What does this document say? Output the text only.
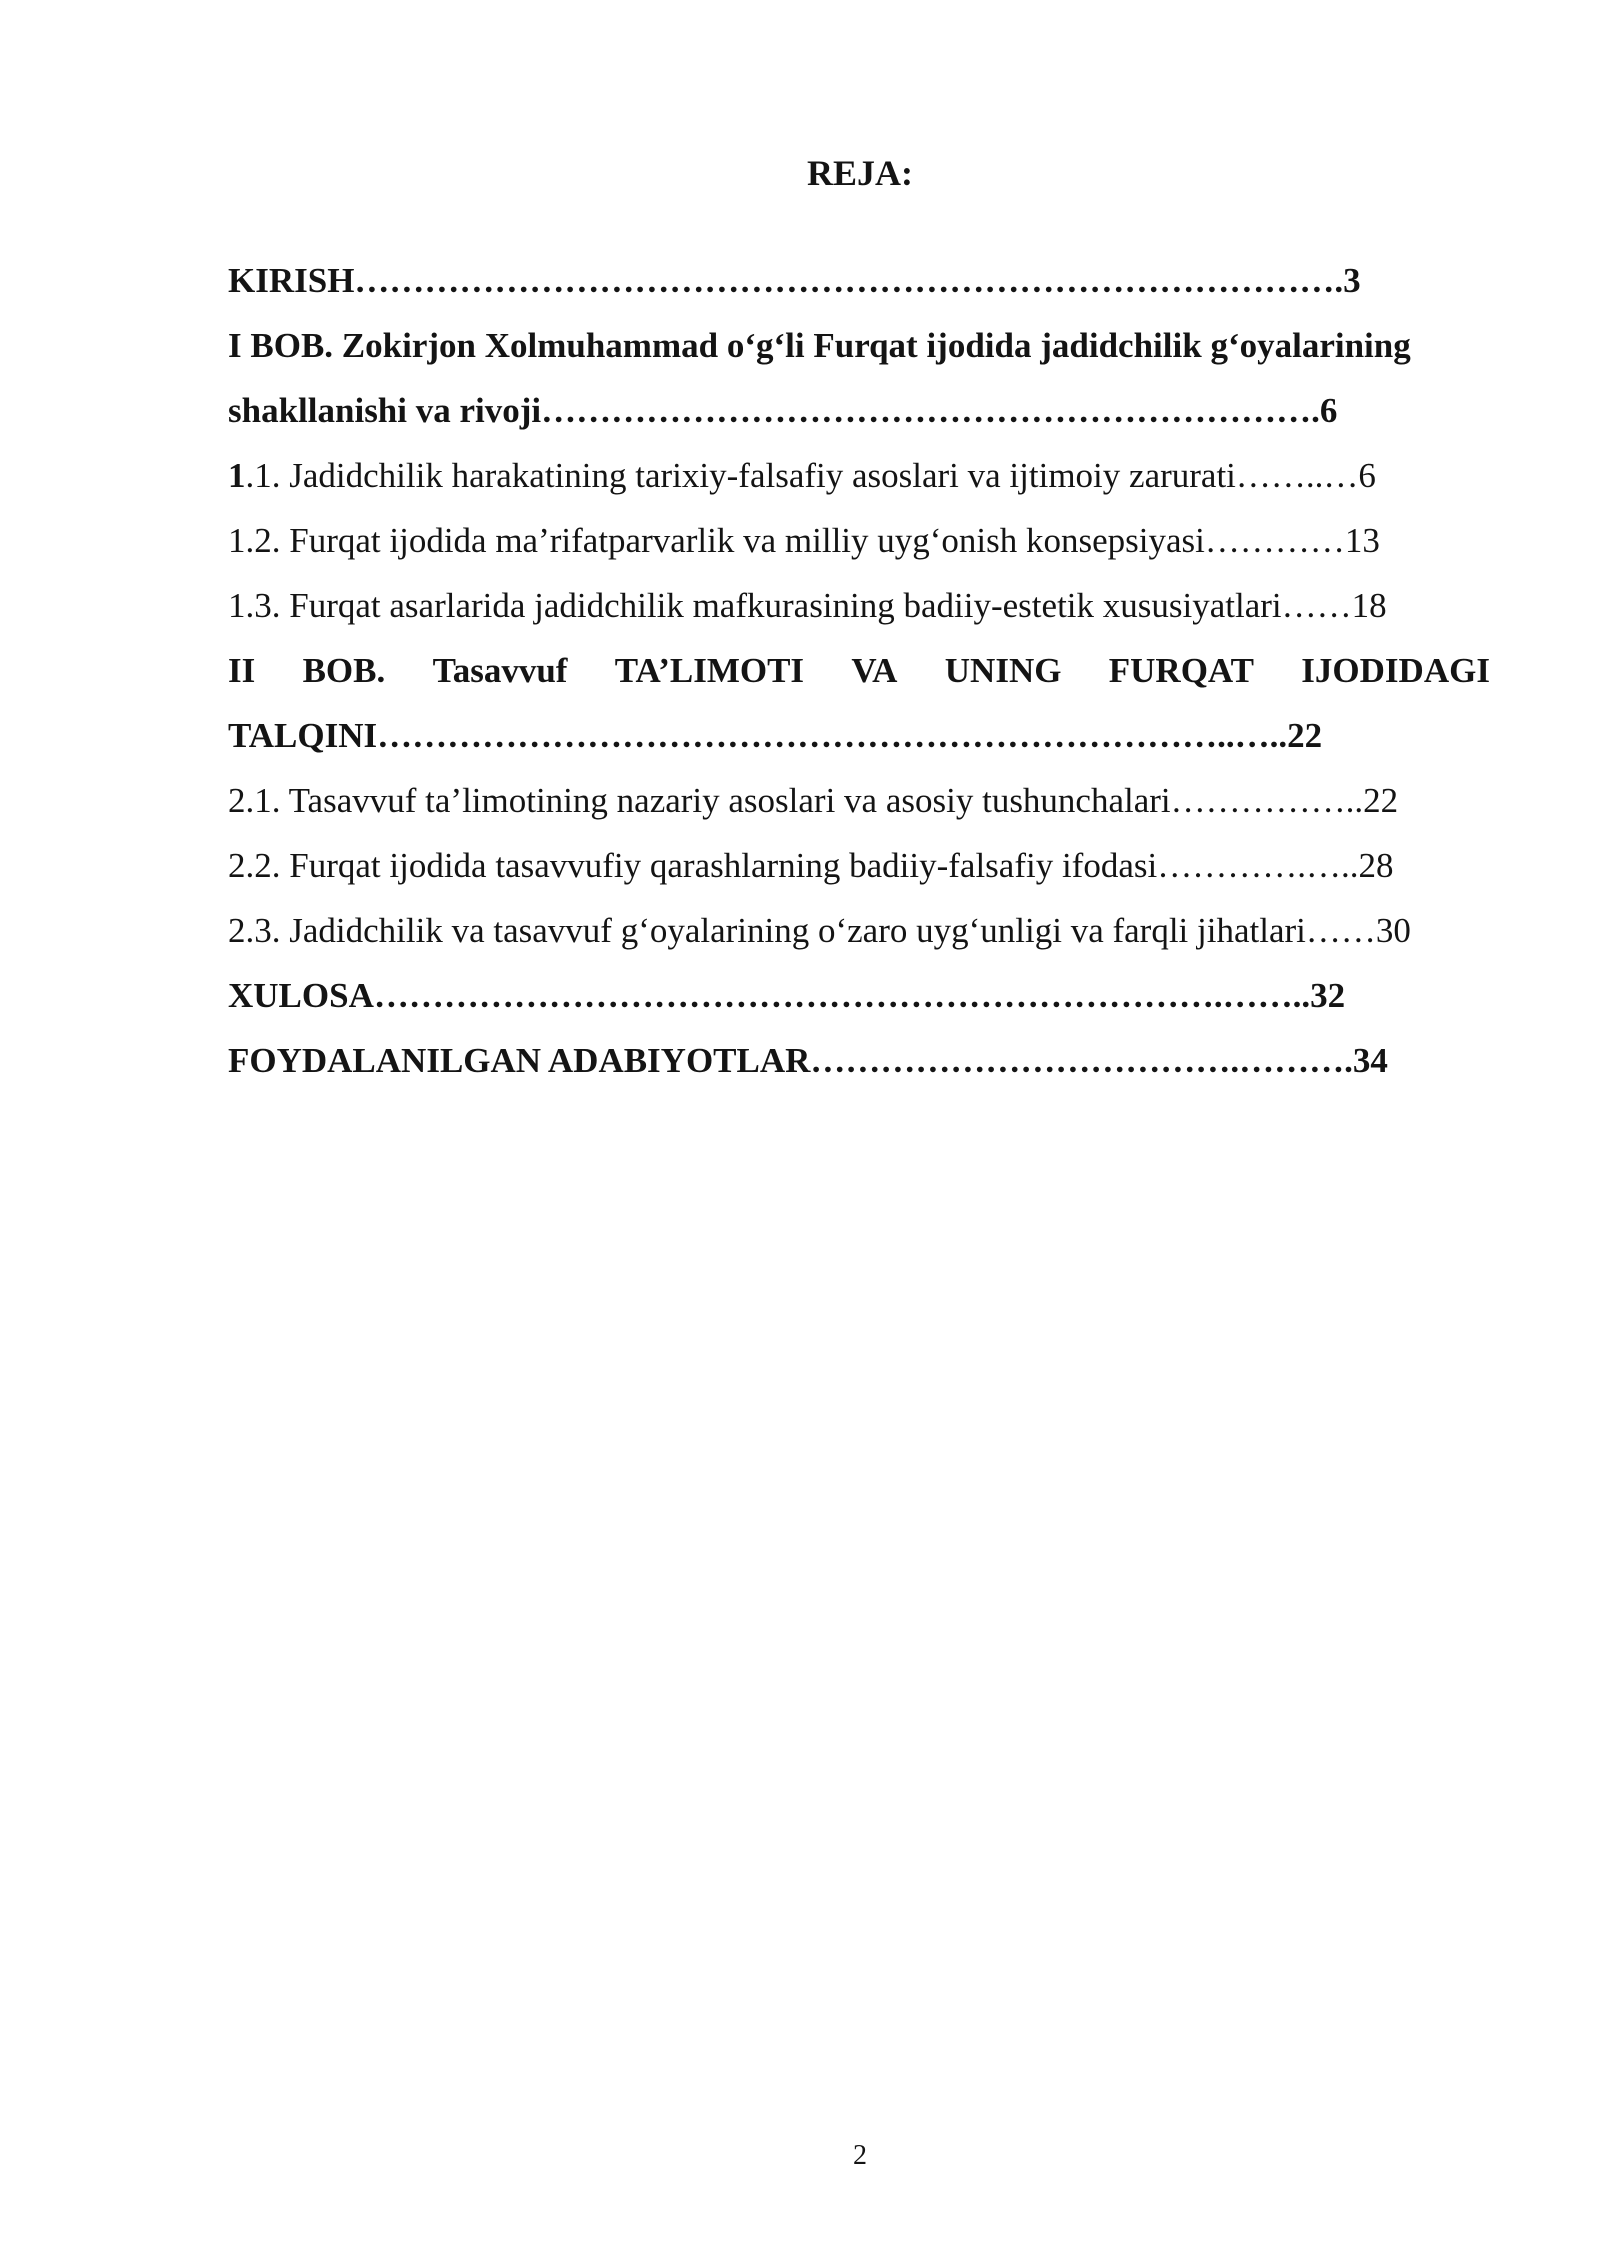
REJA:
KIRISH………………………………………………………………………….3
I BOB. Zokirjon Xolmuhammad o‘g‘li Furqat ijodida jadidchilik g‘oyalarining
shakllanishi va rivoji………………………………………………………….6
1.1. Jadidchilik harakatining tarixiy-falsafiy asoslari va ijtimoiy zarurati……..…6
1.2. Furqat ijodida ma’rifatparvarlik va milliy uyg‘onish konsepsiyasi…………13
1.3. Furqat asarlarida jadidchilik mafkurasining badiiy-estetik xususiyatlari……18
II BOB. Tasavvuf TA’LIMOTI VA UNING FURQAT IJODIDAGI
TALQINI………………………………………………………………..…..22
2.1. Tasavvuf ta’limotining nazariy asoslari va asosiy tushunchalari……………..22
2.2. Furqat ijodida tasavvufiy qarashlarning badiiy-falsafiy ifodasi………….…..28
2.3. Jadidchilik va tasavvuf g‘oyalarining o‘zaro uyg‘unligi va farqli jihatlari……30
XULOSA……………………………………………………………….……..32
FOYDALANILGAN ADABIYOTLAR……………………………….……….34
2
